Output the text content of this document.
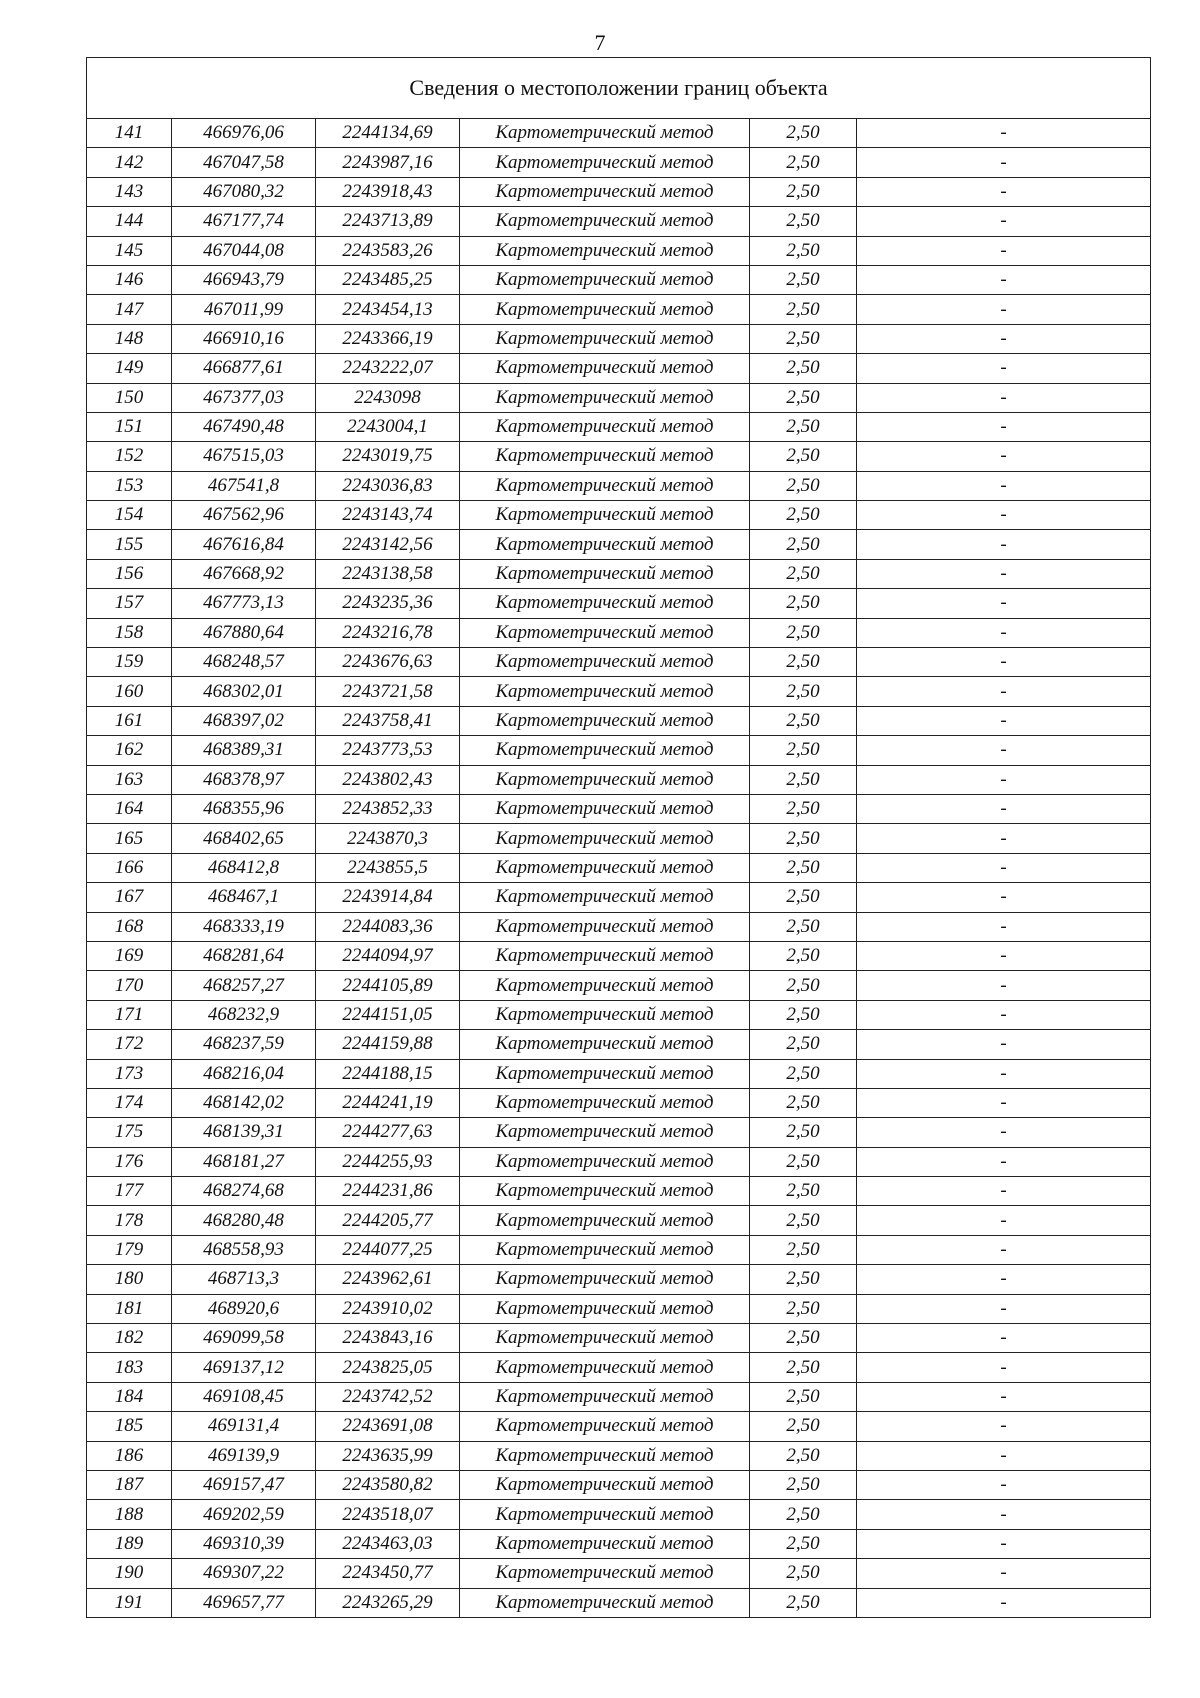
7
Сведения о местоположении границ объекта					
141	466976,06	2244134,69	Картометрический метод	2,50	-
142	467047,58	2243987,16	Картометрический метод	2,50	-
143	467080,32	2243918,43	Картометрический метод	2,50	-
144	467177,74	2243713,89	Картометрический метод	2,50	-
145	467044,08	2243583,26	Картометрический метод	2,50	-
146	466943,79	2243485,25	Картометрический метод	2,50	-
147	467011,99	2243454,13	Картометрический метод	2,50	-
148	466910,16	2243366,19	Картометрический метод	2,50	-
149	466877,61	2243222,07	Картометрический метод	2,50	-
150	467377,03	2243098	Картометрический метод	2,50	-
151	467490,48	2243004,1	Картометрический метод	2,50	-
152	467515,03	2243019,75	Картометрический метод	2,50	-
153	467541,8	2243036,83	Картометрический метод	2,50	-
154	467562,96	2243143,74	Картометрический метод	2,50	-
155	467616,84	2243142,56	Картометрический метод	2,50	-
156	467668,92	2243138,58	Картометрический метод	2,50	-
157	467773,13	2243235,36	Картометрический метод	2,50	-
158	467880,64	2243216,78	Картометрический метод	2,50	-
159	468248,57	2243676,63	Картометрический метод	2,50	-
160	468302,01	2243721,58	Картометрический метод	2,50	-
161	468397,02	2243758,41	Картометрический метод	2,50	-
162	468389,31	2243773,53	Картометрический метод	2,50	-
163	468378,97	2243802,43	Картометрический метод	2,50	-
164	468355,96	2243852,33	Картометрический метод	2,50	-
165	468402,65	2243870,3	Картометрический метод	2,50	-
166	468412,8	2243855,5	Картометрический метод	2,50	-
167	468467,1	2243914,84	Картометрический метод	2,50	-
168	468333,19	2244083,36	Картометрический метод	2,50	-
169	468281,64	2244094,97	Картометрический метод	2,50	-
170	468257,27	2244105,89	Картометрический метод	2,50	-
171	468232,9	2244151,05	Картометрический метод	2,50	-
172	468237,59	2244159,88	Картометрический метод	2,50	-
173	468216,04	2244188,15	Картометрический метод	2,50	-
174	468142,02	2244241,19	Картометрический метод	2,50	-
175	468139,31	2244277,63	Картометрический метод	2,50	-
176	468181,27	2244255,93	Картометрический метод	2,50	-
177	468274,68	2244231,86	Картометрический метод	2,50	-
178	468280,48	2244205,77	Картометрический метод	2,50	-
179	468558,93	2244077,25	Картометрический метод	2,50	-
180	468713,3	2243962,61	Картометрический метод	2,50	-
181	468920,6	2243910,02	Картометрический метод	2,50	-
182	469099,58	2243843,16	Картометрический метод	2,50	-
183	469137,12	2243825,05	Картометрический метод	2,50	-
184	469108,45	2243742,52	Картометрический метод	2,50	-
185	469131,4	2243691,08	Картометрический метод	2,50	-
186	469139,9	2243635,99	Картометрический метод	2,50	-
187	469157,47	2243580,82	Картометрический метод	2,50	-
188	469202,59	2243518,07	Картометрический метод	2,50	-
189	469310,39	2243463,03	Картометрический метод	2,50	-
190	469307,22	2243450,77	Картометрический метод	2,50	-
191	469657,77	2243265,29	Картометрический метод	2,50	-
